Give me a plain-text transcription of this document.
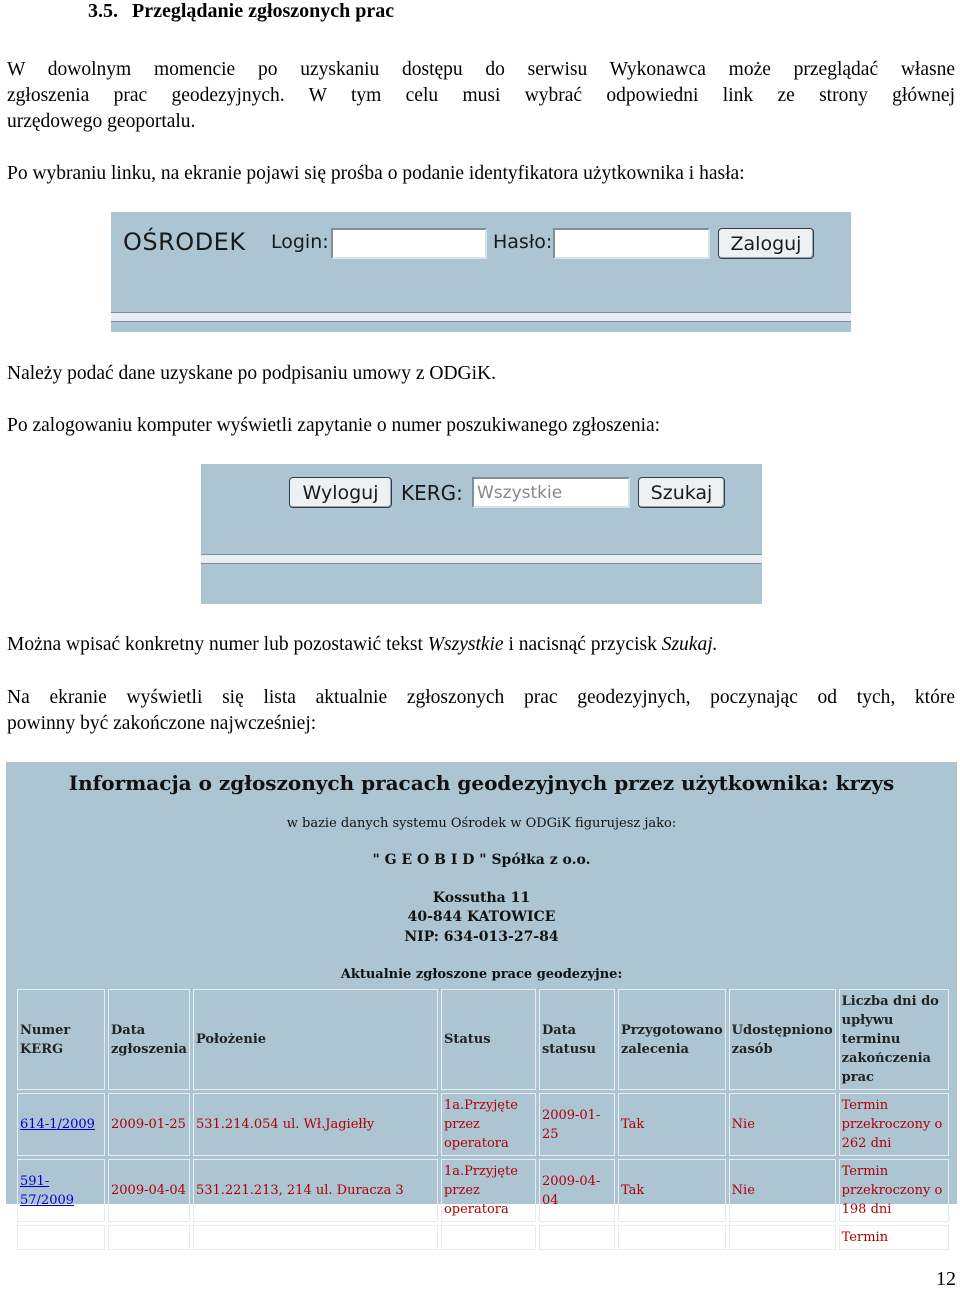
3.5. Przeglądanie zgłoszonych prac
W dowolnym momencie po uzyskaniu dostępu do serwisu Wykonawca może przeglądać własne
zgłoszenia prac geodezyjnych. W tym celu musi wybrać odpowiedni link ze strony głównej
urzędowego geoportalu.
Po wybraniu linku, na ekranie pojawi się prośba o podanie identyfikatora użytkownika i hasła:
OŚRODEK Login:	Hasło:	Zaloguj
Należy podać dane uzyskane po podpisaniu umowy z ODGiK.
Po zalogowaniu komputer wyświetli zapytanie o numer poszukiwanego zgłoszenia:
Wyloguj	KERG: Wszystkie	Szukaj
Można wpisać konkretny numer lub pozostawić tekst Wszystkie i nacisnąć przycisk Szukaj.
Na ekranie wyświetli się lista aktualnie zgłoszonych prac geodezyjnych, poczynając od tych, które
powinny być zakończone najwcześniej:
Informacja o zgłoszonych pracach geodezyjnych przez użytkownika: krzys
w bazie danych systemu Ośrodek w ODGiK figurujesz jako:
" G E O B I D " Spółka z o.o.
Kossutha 11
40-844 KATOWICE
NIP: 634-013-27-84
Aktualnie zgłoszone prace geodezyjne:
Numer KERG	Data zgłoszenia	Położenie	Status	Data statusu	Przygotowano zalecenia	Udostępniono zasób	Liczba dni do upływu terminu zakończenia prac
614-1/2009	2009-01-25	531.214.054 ul. Wł.Jagiełły	1a.Przyjęte przez operatora	2009-01-25	Tak	Nie	Termin przekroczony o 262 dni
591-57/2009	2009-04-04	531.221.213, 214 ul. Duracza 3	1a.Przyjęte przez operatora	2009-04-04	Tak	Nie	Termin przekroczony o 198 dni
							Termin
12
